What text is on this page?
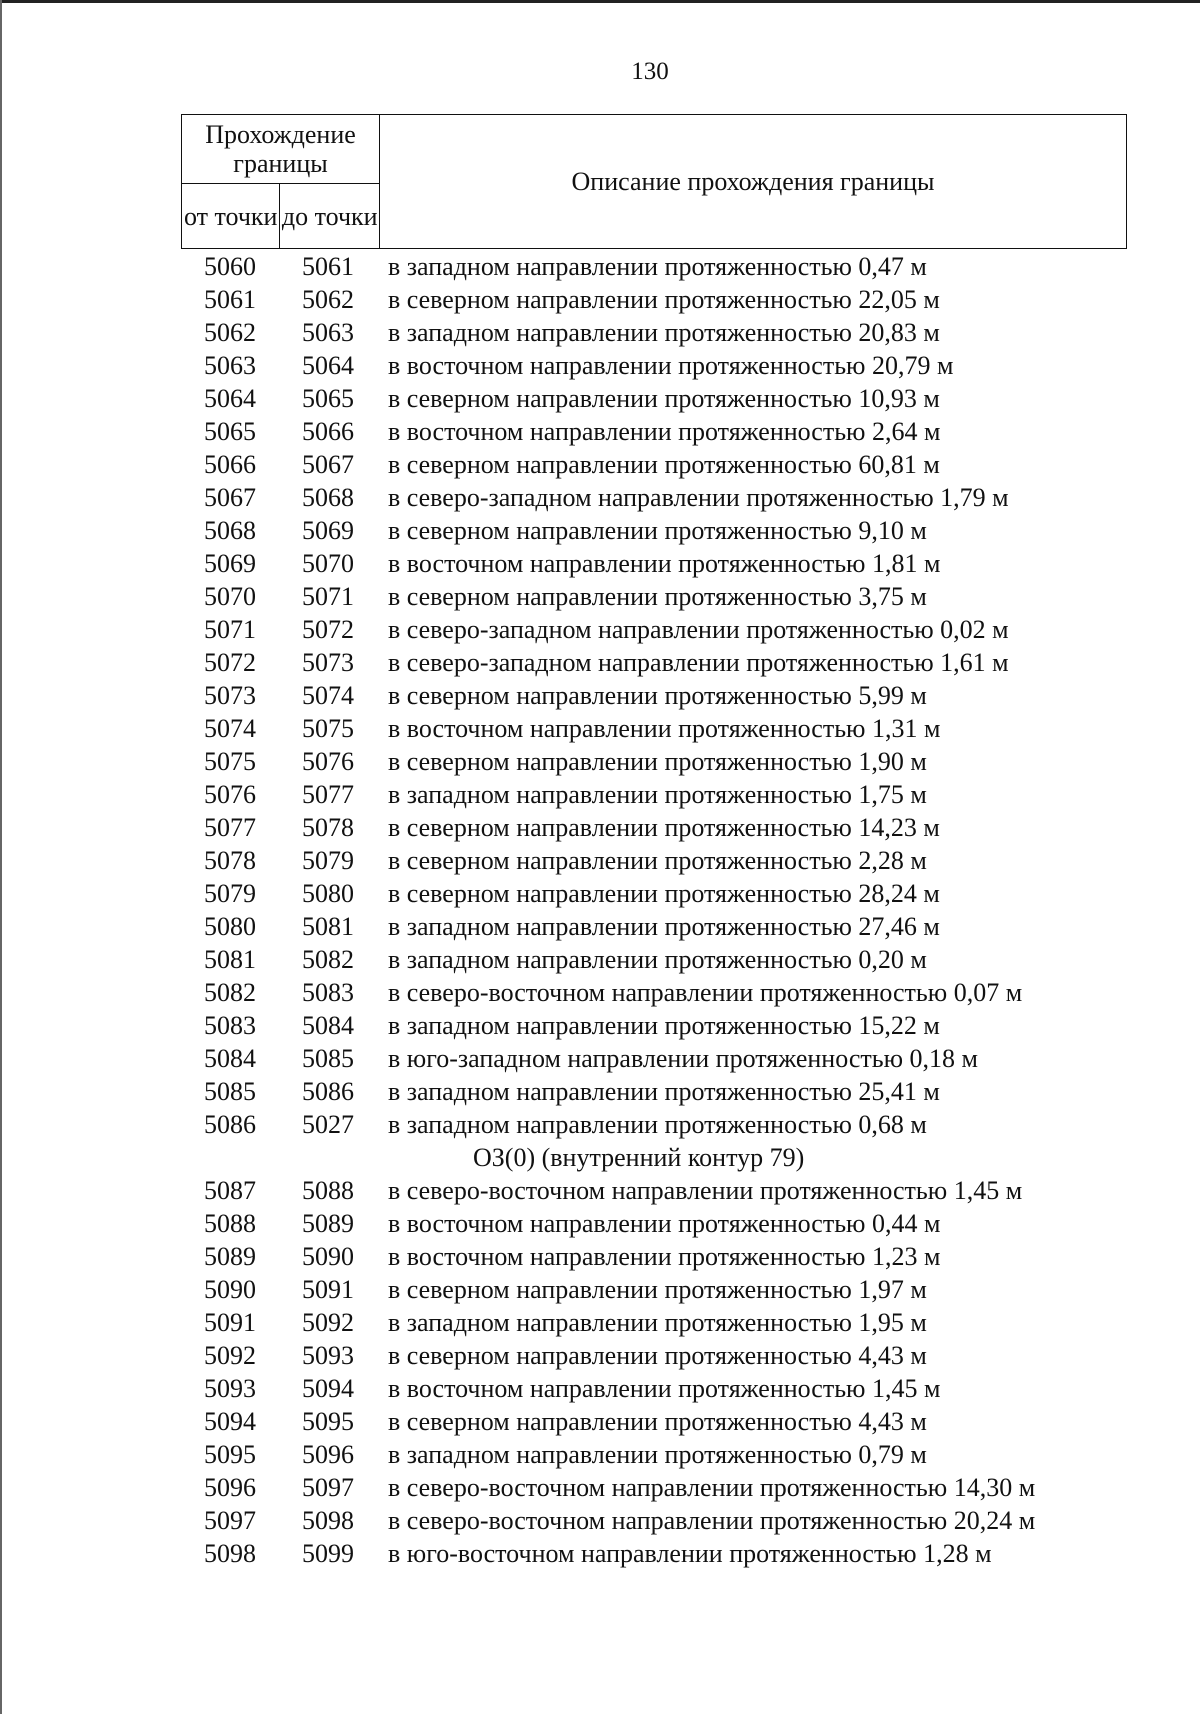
130
Прохождение границы		Описание прохождения границы
от точки	до точки	
5060	5061	в западном направлении протяженностью 0,47 м
5061	5062	в северном направлении протяженностью 22,05 м
5062	5063	в западном направлении протяженностью 20,83 м
5063	5064	в восточном направлении протяженностью 20,79 м
5064	5065	в северном направлении протяженностью 10,93 м
5065	5066	в восточном направлении протяженностью 2,64 м
5066	5067	в северном направлении протяженностью 60,81 м
5067	5068	в северо-западном направлении протяженностью 1,79 м
5068	5069	в северном направлении протяженностью 9,10 м
5069	5070	в восточном направлении протяженностью 1,81 м
5070	5071	в северном направлении протяженностью 3,75 м
5071	5072	в северо-западном направлении протяженностью 0,02 м
5072	5073	в северо-западном направлении протяженностью 1,61 м
5073	5074	в северном направлении протяженностью 5,99 м
5074	5075	в восточном направлении протяженностью 1,31 м
5075	5076	в северном направлении протяженностью 1,90 м
5076	5077	в западном направлении протяженностью 1,75 м
5077	5078	в северном направлении протяженностью 14,23 м
5078	5079	в северном направлении протяженностью 2,28 м
5079	5080	в северном направлении протяженностью 28,24 м
5080	5081	в западном направлении протяженностью 27,46 м
5081	5082	в западном направлении протяженностью 0,20 м
5082	5083	в северо-восточном направлении протяженностью 0,07 м
5083	5084	в западном направлении протяженностью 15,22 м
5084	5085	в юго-западном направлении протяженностью 0,18 м
5085	5086	в западном направлении протяженностью 25,41 м
5086	5027	в западном направлении протяженностью 0,68 м
ОЗ(0) (внутренний контур 79)
5087	5088	в северо-восточном направлении протяженностью 1,45 м
5088	5089	в восточном направлении протяженностью 0,44 м
5089	5090	в восточном направлении протяженностью 1,23 м
5090	5091	в северном направлении протяженностью 1,97 м
5091	5092	в западном направлении протяженностью 1,95 м
5092	5093	в северном направлении протяженностью 4,43 м
5093	5094	в восточном направлении протяженностью 1,45 м
5094	5095	в северном направлении протяженностью 4,43 м
5095	5096	в западном направлении протяженностью 0,79 м
5096	5097	в северо-восточном направлении протяженностью 14,30 м
5097	5098	в северо-восточном направлении протяженностью 20,24 м
5098	5099	в юго-восточном направлении протяженностью 1,28 м
